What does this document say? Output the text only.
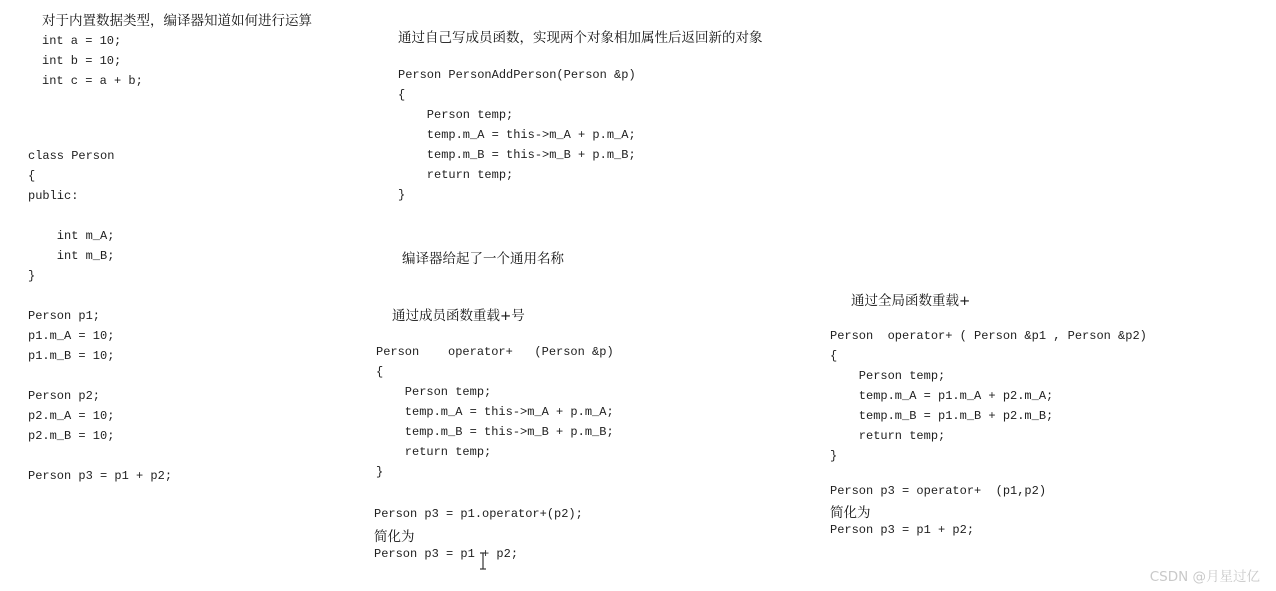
对于内置数据类型，编译器知道如何进行运算
int a = 10;
int b = 10;
int c = a + b;
class Person
{
public:

int m_A;
int m_B;
}

Person p1;
p1.m_A = 10;
p1.m_B = 10;

Person p2;
p2.m_A = 10;
p2.m_B = 10;

Person p3 = p1 + p2;
通过自己写成员函数，实现两个对象相加属性后返回新的对象
Person PersonAddPerson(Person &p)
{
Person temp;
temp.m_A = this->m_A + p.m_A;
temp.m_B = this->m_B + p.m_B;
return temp;
}
编译器给起了一个通用名称
通过成员函数重载+号
Person    operator+   (Person &p)
{
Person temp;
temp.m_A = this->m_A + p.m_A;
temp.m_B = this->m_B + p.m_B;
return temp;
}
Person p3 = p1.operator+(p2);
简化为
Person p3 = p1 + p2;
通过全局函数重载+
Person  operator+ ( Person &p1 , Person &p2)
{
Person temp;
temp.m_A = p1.m_A + p2.m_A;
temp.m_B = p1.m_B + p2.m_B;
return temp;
}
Person p3 = operator+  (p1,p2)
简化为
Person p3 = p1 + p2;
CSDN @月星过亿
